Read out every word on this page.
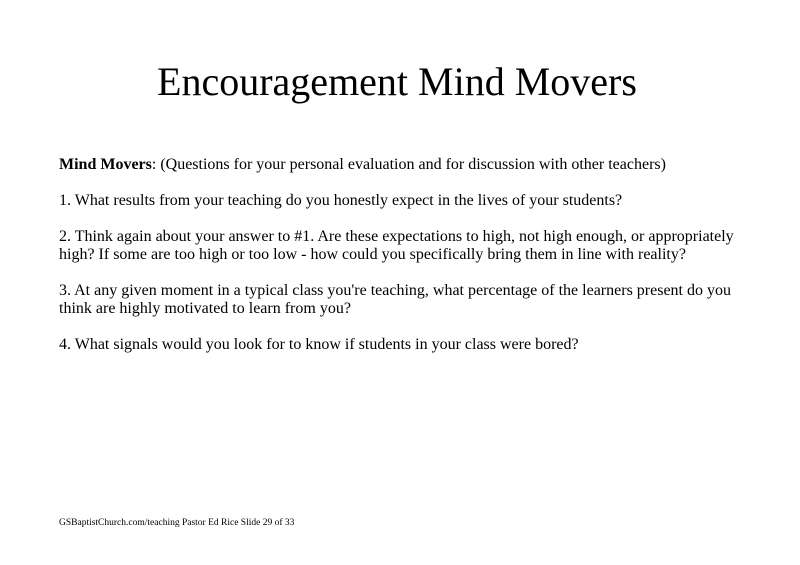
Encouragement Mind Movers

Mind Movers: (Questions for your personal evaluation and for discussion with other teachers)

1. What results from your teaching do you honestly expect in the lives of your students?

2. Think again about your answer to #1. Are these expectations to high, not high enough, or appropriately high? If some are too high or too low - how could you specifically bring them in line with reality?

3. At any given moment in a typical class you're teaching, what percentage of the learners present do you think are highly motivated to learn from you?

4. What signals would you look for to know if students in your class were bored?

GSBaptistChurch.com/teaching Pastor Ed Rice Slide 29 of 33
